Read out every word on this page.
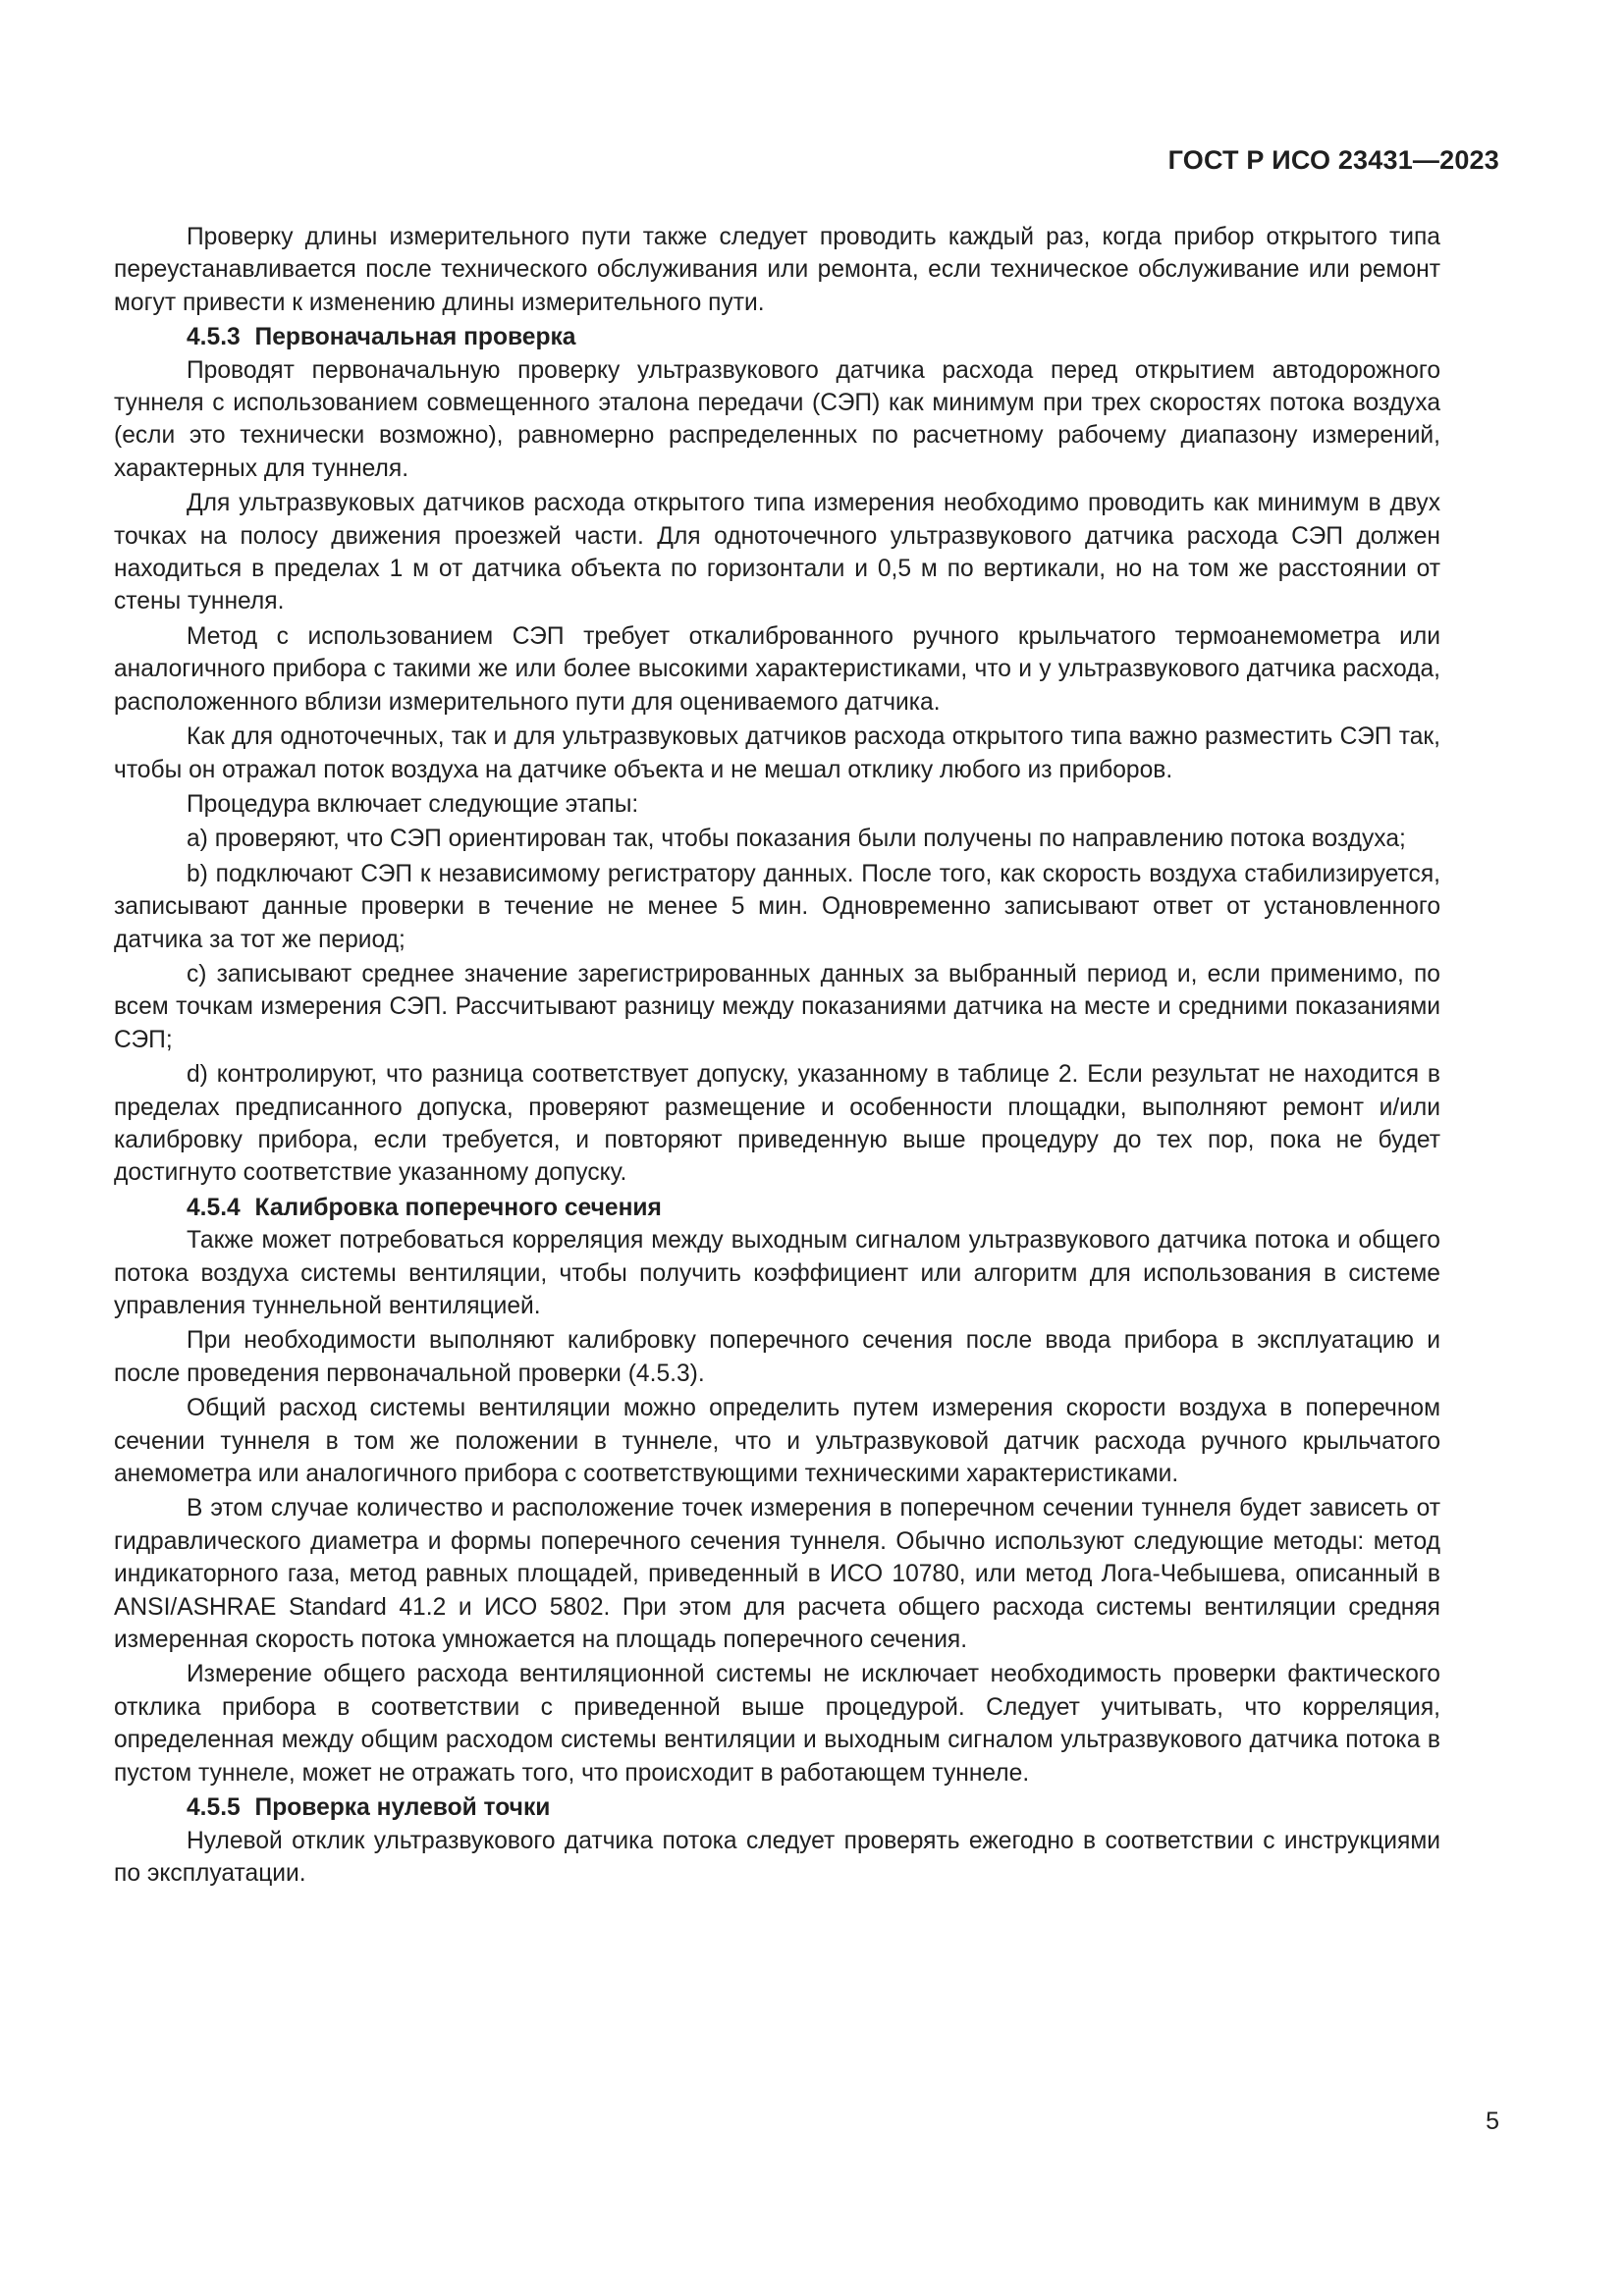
ГОСТ Р ИСО 23431—2023

Проверку длины измерительного пути также следует проводить каждый раз, когда прибор открытого типа переустанавливается после технического обслуживания или ремонта, если техническое обслуживание или ремонт могут привести к изменению длины измерительного пути.

4.5.3 Первоначальная проверка

Проводят первоначальную проверку ультразвукового датчика расхода перед открытием автодорожного туннеля с использованием совмещенного эталона передачи (СЭП) как минимум при трех скоростях потока воздуха (если это технически возможно), равномерно распределенных по расчетному рабочему диапазону измерений, характерных для туннеля.

Для ультразвуковых датчиков расхода открытого типа измерения необходимо проводить как минимум в двух точках на полосу движения проезжей части. Для одноточечного ультразвукового датчика расхода СЭП должен находиться в пределах 1 м от датчика объекта по горизонтали и 0,5 м по вертикали, но на том же расстоянии от стены туннеля.

Метод с использованием СЭП требует откалиброванного ручного крыльчатого термоанемометра или аналогичного прибора с такими же или более высокими характеристиками, что и у ультразвукового датчика расхода, расположенного вблизи измерительного пути для оцениваемого датчика.

Как для одноточечных, так и для ультразвуковых датчиков расхода открытого типа важно разместить СЭП так, чтобы он отражал поток воздуха на датчике объекта и не мешал отклику любого из приборов.

Процедура включает следующие этапы:

a) проверяют, что СЭП ориентирован так, чтобы показания были получены по направлению потока воздуха;

b) подключают СЭП к независимому регистратору данных. После того, как скорость воздуха стабилизируется, записывают данные проверки в течение не менее 5 мин. Одновременно записывают ответ от установленного датчика за тот же период;

c) записывают среднее значение зарегистрированных данных за выбранный период и, если применимо, по всем точкам измерения СЭП. Рассчитывают разницу между показаниями датчика на месте и средними показаниями СЭП;

d) контролируют, что разница соответствует допуску, указанному в таблице 2. Если результат не находится в пределах предписанного допуска, проверяют размещение и особенности площадки, выполняют ремонт и/или калибровку прибора, если требуется, и повторяют приведенную выше процедуру до тех пор, пока не будет достигнуто соответствие указанному допуску.

4.5.4 Калибровка поперечного сечения

Также может потребоваться корреляция между выходным сигналом ультразвукового датчика потока и общего потока воздуха системы вентиляции, чтобы получить коэффициент или алгоритм для использования в системе управления туннельной вентиляцией.

При необходимости выполняют калибровку поперечного сечения после ввода прибора в эксплуатацию и после проведения первоначальной проверки (4.5.3).

Общий расход системы вентиляции можно определить путем измерения скорости воздуха в поперечном сечении туннеля в том же положении в туннеле, что и ультразвуковой датчик расхода ручного крыльчатого анемометра или аналогичного прибора с соответствующими техническими характеристиками.

В этом случае количество и расположение точек измерения в поперечном сечении туннеля будет зависеть от гидравлического диаметра и формы поперечного сечения туннеля. Обычно используют следующие методы: метод индикаторного газа, метод равных площадей, приведенный в ИСО 10780, или метод Лога-Чебышева, описанный в ANSI/ASHRAE Standard 41.2 и ИСО 5802. При этом для расчета общего расхода системы вентиляции средняя измеренная скорость потока умножается на площадь поперечного сечения.

Измерение общего расхода вентиляционной системы не исключает необходимость проверки фактического отклика прибора в соответствии с приведенной выше процедурой. Следует учитывать, что корреляция, определенная между общим расходом системы вентиляции и выходным сигналом ультразвукового датчика потока в пустом туннеле, может не отражать того, что происходит в работающем туннеле.

4.5.5 Проверка нулевой точки

Нулевой отклик ультразвукового датчика потока следует проверять ежегодно в соответствии с инструкциями по эксплуатации.

5
